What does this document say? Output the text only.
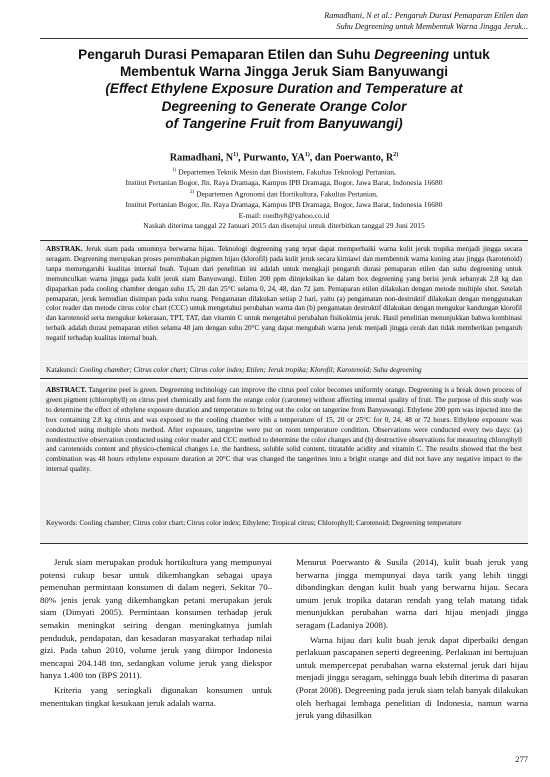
Ramadhani, N et al.: Pengaruh Durasi Pemaparan Etilen dan
Suhu Degreening untuk Membentuk Warna Jingga Jeruk...

Pengaruh Durasi Pemaparan Etilen dan Suhu Degreening untuk

Membentuk Warna Jingga Jeruk Siam Banyuwangi

(Effect Ethylene Exposure Duration and Temperature at

Degreening to Generate Orange Color

of Tangerine Fruit from Banyuwangi)

Ramadhani, $N^{1)}$, Purwanto, YA$^{1)}$, dan Poerwanto, $R^{2)}$
$^{1)}$ Departemen Teknik Mesin dan Biosistem, Fakultas Teknologi Pertanian,
Institut Pertanian Bogor, Jln. Raya Dramaga, Kampus IPB Dramaga, Bogor, Jawa Barat, Indonesia 16680
$^{2)}$ Departemen Agronomi dan Hortikultura, Fakultas Pertanian,
Institut Pertanian Bogor, Jln. Raya Dramaga, Kampus IPB Dramaga, Bogor, Jawa Barat, Indonesia 16680
E-mail: roedhy8@yahoo.co.id
Naskah diterima tanggal 22 Januari 2015 dan disetujui untuk diterbitkan tanggal 29 Juni 2015

ABSTRAK. Jeruk siam pada umumnya berwarna hijau. Teknologi degreening yang tepat dapat memperbaiki warna kulit jeruk tropika menjadi jingga secara seragam. Degreening merupakan proses perombakan pigmen hijau (klorofil) pada kulit jeruk secara kimiawi dan membentuk warna kuning atau jingga (karotenoid) tanpa memengaruhi kualitas internal buah. Tujuan dari penelitian ini adalah untuk mengkaji pengaruh durasi pemaparan etilen dan suhu degreening untuk memunculkan warna jingga pada kulit jeruk siam Banyuwangi. Etilen 200 ppm diinjeksikan ke dalam box degreening yang berisi jeruk sebanyak 2,8 kg dan dipaparkan pada cooling chamber dengan suhu 15, 20 dan 25°C selama 0, 24, 48, dan 72 jam. Pemaparan etilen dilakukan dengan metode multiple shot. Setelah pemaparan, jeruk kemudian disimpan pada suhu ruang. Pengamatan dilakukan setiap 2 hari, yaitu (a) pengamatan non-destruktif dilakukan dengan menggunakan color reader dan metode citrus color chart (CCC) untuk mengetahui perubahan warna dan (b) pengamatan destruktif dilakukan dengan mengukur kandungan klorofil dan karotenoid serta mengukur kekerasan, TPT, TAT, dan vitamin C untuk mengetahui perubahan fisikokimia jeruk. Hasil penelitian menunjukkan bahwa kombinasi terbaik adalah durasi pemaparan etilen selama 48 jam dengan suhu 20°C yang dapat mengubah warna jeruk menjadi jingga cerah dan tidak memberikan pengaruh negatif terhadap kualitas internal buah.

Katakunci: Cooling chamber; Citrus color chart; Citrus color index; Etilen; Jeruk tropika; Klorofil; Karotenoid; Suhu degreening

ABSTRACT. Tangerine peel is green. Degreening technology can improve the citrus peel color becomes uniformly orange. Degreening is a break down process of green pigment (chlorophyll) on citrus peel chemically and form the orange color (carotene) without affecting internal quality of fruit. The purpose of this study was to determine the effect of ethylene exposure duration and temperature to bring out the color on tangerine from Banyuwangi. Ethylene 200 ppm was injected into the box containing 2.8 kg citrus and was exposed to the cooling chamber with a temperature of 15, 20 or 25°C for 0, 24, 48 or 72 hours. Ethylene exposure was conducted using multiple shots method. After exposure, tangerine were put on room temperature condition. Observations were conducted every two days: (a) nondestructive observation conducted using color reader and CCC method to determine the color changes and (b) destructive observations for measuring chlorophyll and carotenoids content and physico-chemical changes i.e. the hardness, soluble solid content, titratable acidity and vitamin C. The results showed that the best combination was 48 hours ethylene exposure duration at 20°C that was changed the tangerines into a bright orange and did not have any negative impact to the internal quality.

Keywords: Cooling chamber; Citrus color chart; Citrus color index; Ethylene; Tropical citrus; Chlorophyll; Carotenoid; Degreening temperature

Jeruk siam merupakan produk hortikultura yang mempunyai potensi cukup besar untuk dikembangkan sebagai upaya pemenuhan permintaan konsumen di dalam negeri. Sekitar 70–80% jenis jeruk yang dikembangkan petani merupakan jeruk siam (Dimyati 2005). Permintaan konsumen terhadap jeruk semakin meningkat seiring dengan meningkatnya jumlah penduduk, pendapatan, dan kesadaran masyarakat terhadap nilai gizi. Pada tahun 2010, volume jeruk yang diimpor Indonesia mencapai 204.148 ton, sedangkan volume jeruk yang diekspor hanya 1.400 ton (BPS 2011).

Kriteria yang seringkali digunakan konsumen untuk menentukan tingkat kesukaan jeruk adalah warna.

Menurut Poerwanto & Susila (2014), kulit buah jeruk yang berwarna jingga mempunyai daya tarik yang lebih tinggi dibandingkan dengan kulit buah yang berwarna hijau. Secara umum jeruk tropika dataran rendah yang telah matang tidak menunjukkan perubahan warna dari hijau menjadi jingga seragam (Ladaniya 2008).

Warna hijau dari kulit buah jeruk dapat diperbaiki dengan perlakuan pascapanen seperti degreening. Perlakuan ini bertujuan untuk mempercepat perubahan warna eksternal jeruk dari hijau menjadi jingga seragam, sehingga buah lebih diterima di pasaran (Porat 2008). Degreening pada jeruk siam telah banyak dilakukan oleh berbagai lembaga penelitian di Indonesia, namun warna jeruk yang dihasilkan

277
